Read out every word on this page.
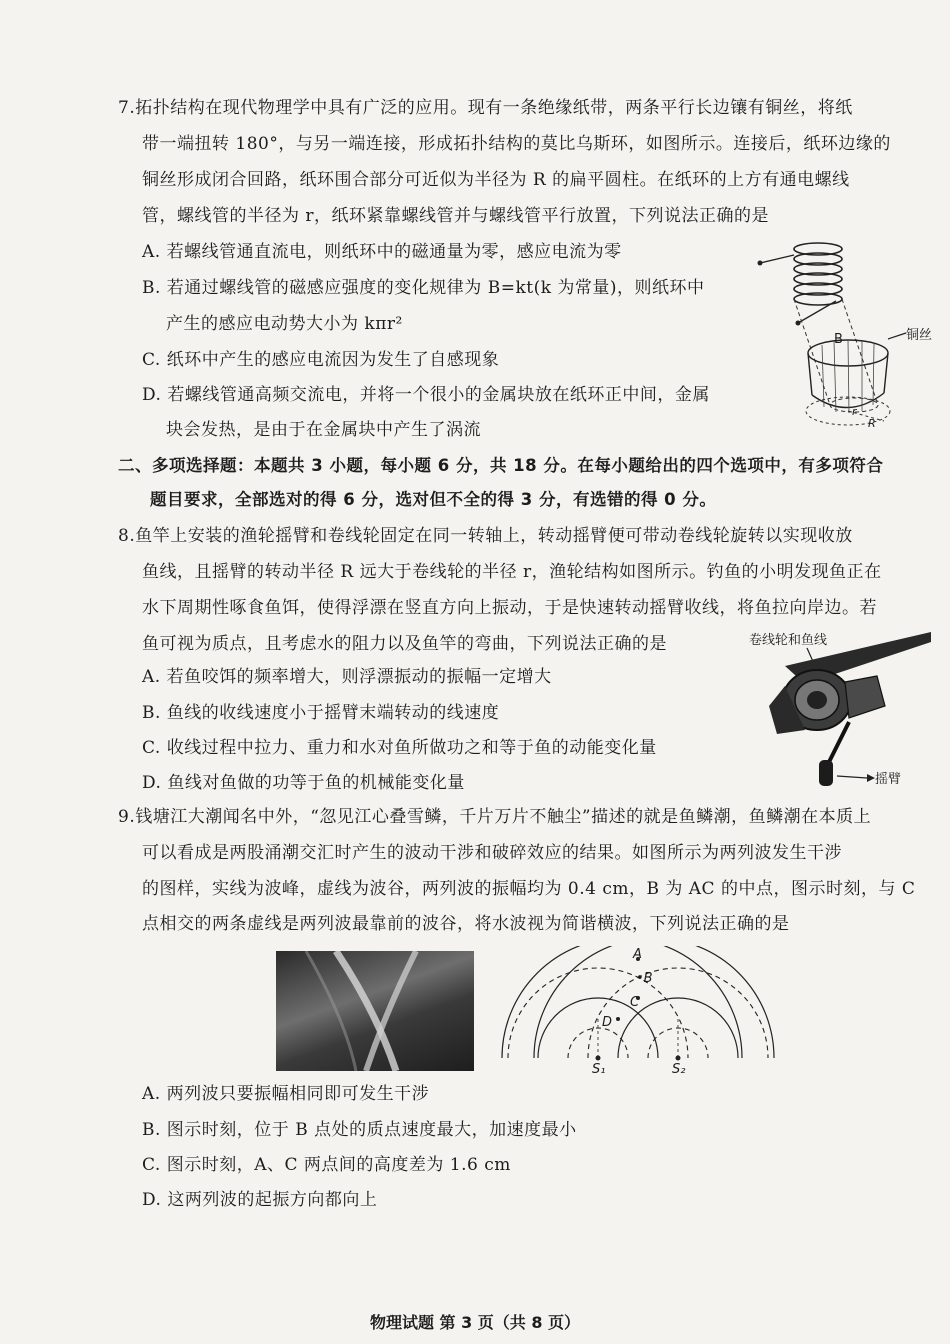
7.拓扑结构在现代物理学中具有广泛的应用。现有一条绝缘纸带，两条平行长边镶有铜丝，将纸
带一端扭转 180°，与另一端连接，形成拓扑结构的莫比乌斯环，如图所示。连接后，纸环边缘的
铜丝形成闭合回路，纸环围合部分可近似为半径为 R 的扁平圆柱。在纸环的上方有通电螺线
管，螺线管的半径为 r，纸环紧靠螺线管并与螺线管平行放置，下列说法正确的是
A. 若螺线管通直流电，则纸环中的磁通量为零，感应电流为零
B. 若通过螺线管的磁感应强度的变化规律为 B=kt(k 为常量)，则纸环中
产生的感应电动势大小为 kπr²
C. 纸环中产生的感应电流因为发生了自感现象
D. 若螺线管通高频交流电，并将一个很小的金属块放在纸环正中间，金属
块会发热，是由于在金属块中产生了涡流
B	铜丝
r
R
二、多项选择题：本题共 3 小题，每小题 6 分，共 18 分。在每小题给出的四个选项中，有多项符合
题目要求，全部选对的得 6 分，选对但不全的得 3 分，有选错的得 0 分。
8.鱼竿上安装的渔轮摇臂和卷线轮固定在同一转轴上，转动摇臂便可带动卷线轮旋转以实现收放
鱼线，且摇臂的转动半径 R 远大于卷线轮的半径 r，渔轮结构如图所示。钓鱼的小明发现鱼正在
水下周期性啄食鱼饵，使得浮漂在竖直方向上振动，于是快速转动摇臂收线，将鱼拉向岸边。若
鱼可视为质点，且考虑水的阻力以及鱼竿的弯曲，下列说法正确的是
A. 若鱼咬饵的频率增大，则浮漂振动的振幅一定增大
B. 鱼线的收线速度小于摇臂末端转动的线速度
C. 收线过程中拉力、重力和水对鱼所做功之和等于鱼的动能变化量
D. 鱼线对鱼做的功等于鱼的机械能变化量
卷线轮和鱼线
摇臂
9.钱塘江大潮闻名中外，“忽见江心叠雪鳞，千片万片不触尘”描述的就是鱼鳞潮，鱼鳞潮在本质上
可以看成是两股涌潮交汇时产生的波动干涉和破碎效应的结果。如图所示为两列波发生干涉
的图样，实线为波峰，虚线为波谷，两列波的振幅均为 0.4 cm，B 为 AC 的中点，图示时刻，与 C
点相交的两条虚线是两列波最靠前的波谷，将水波视为简谐横波，下列说法正确的是
A
•B
C
D
S₁	S₂
A. 两列波只要振幅相同即可发生干涉
B. 图示时刻，位于 B 点处的质点速度最大，加速度最小
C. 图示时刻，A、C 两点间的高度差为 1.6 cm
D. 这两列波的起振方向都向上
物理试题 第 3 页（共 8 页）
